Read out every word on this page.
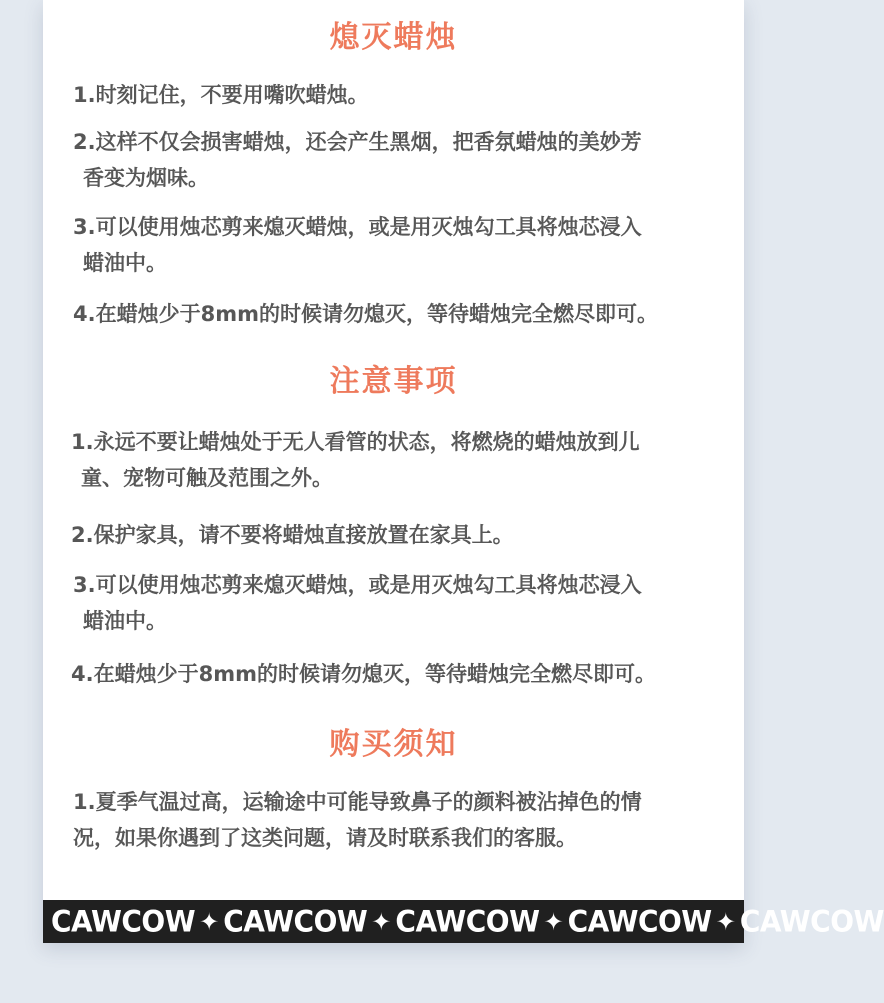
熄灭蜡烛
1.时刻记住，不要用嘴吹蜡烛。
2.这样不仅会损害蜡烛，还会产生黑烟，把香氛蜡烛的美妙芳
香变为烟味。
3.可以使用烛芯剪来熄灭蜡烛，或是用灭烛勾工具将烛芯浸入
蜡油中。
4.在蜡烛少于8mm的时候请勿熄灭，等待蜡烛完全燃尽即可。
注意事项
1.永远不要让蜡烛处于无人看管的状态，将燃烧的蜡烛放到儿
童、宠物可触及范围之外。
2.保护家具，请不要将蜡烛直接放置在家具上。
3.可以使用烛芯剪来熄灭蜡烛，或是用灭烛勾工具将烛芯浸入
蜡油中。
4.在蜡烛少于8mm的时候请勿熄灭，等待蜡烛完全燃尽即可。
购买须知
1.夏季气温过高，运输途中可能导致鼻子的颜料被沾掉色的情
况，如果你遇到了这类问题，请及时联系我们的客服。
CAWCOW ✦ CAWCOW ✦ CAWCOW ✦ CAWCOW ✦ CAWCOW
